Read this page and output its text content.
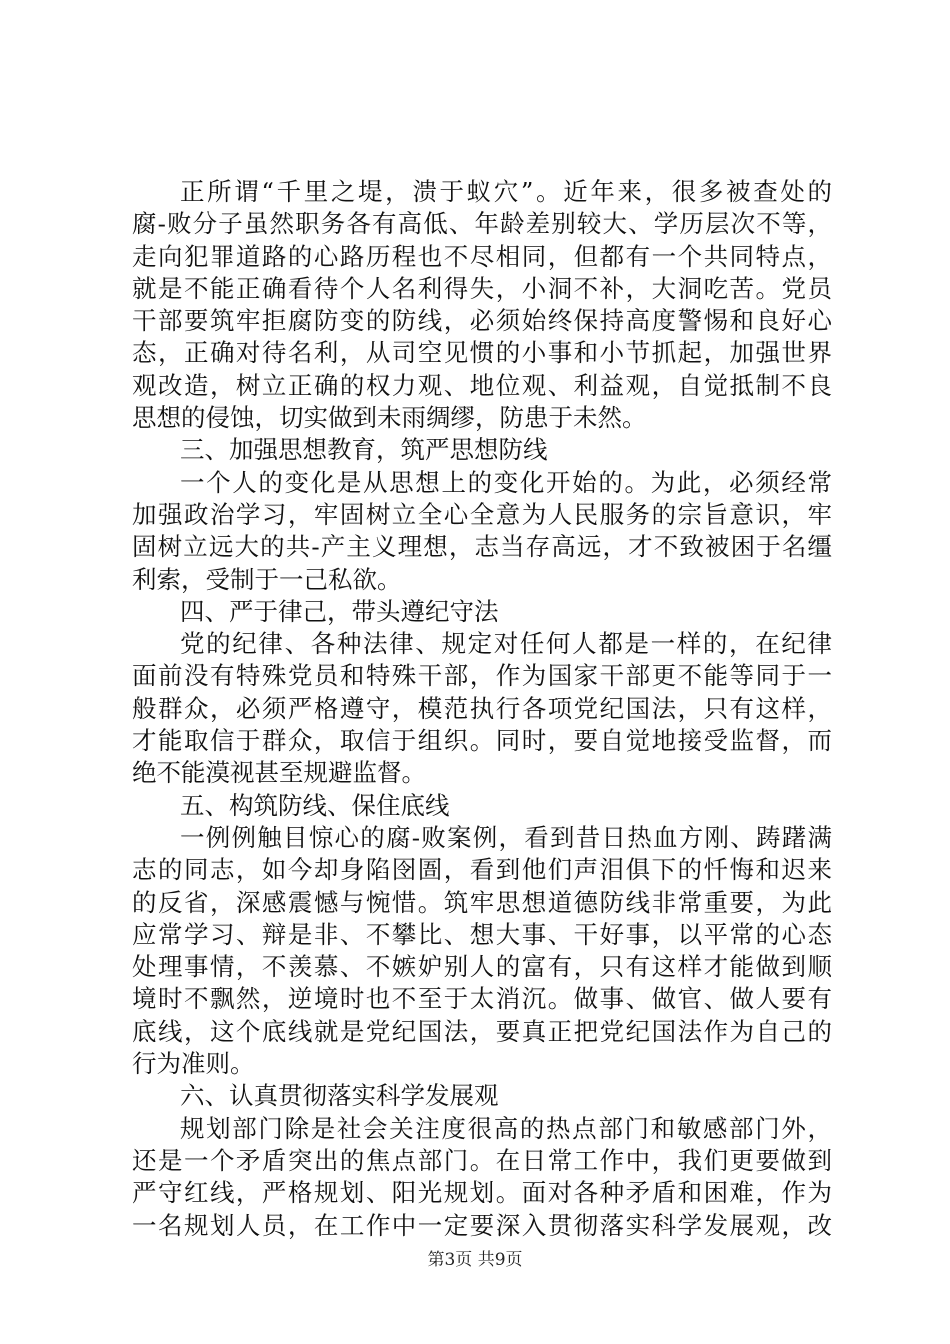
正所谓“千里之堤，溃于蚁穴”。近年来，很多被查处的
腐-败分子虽然职务各有高低、年龄差别较大、学历层次不等，
走向犯罪道路的心路历程也不尽相同，但都有一个共同特点，
就是不能正确看待个人名利得失，小洞不补，大洞吃苦。党员
干部要筑牢拒腐防变的防线，必须始终保持高度警惕和良好心
态，正确对待名利，从司空见惯的小事和小节抓起，加强世界
观改造，树立正确的权力观、地位观、利益观，自觉抵制不良
思想的侵蚀，切实做到未雨绸缪，防患于未然。
三、加强思想教育，筑严思想防线
一个人的变化是从思想上的变化开始的。为此，必须经常
加强政治学习，牢固树立全心全意为人民服务的宗旨意识，牢
固树立远大的共-产主义理想，志当存高远，才不致被困于名缰
利索，受制于一己私欲。
四、严于律己，带头遵纪守法
党的纪律、各种法律、规定对任何人都是一样的，在纪律
面前没有特殊党员和特殊干部，作为国家干部更不能等同于一
般群众，必须严格遵守，模范执行各项党纪国法，只有这样，
才能取信于群众，取信于组织。同时，要自觉地接受监督，而
绝不能漠视甚至规避监督。
五、构筑防线、保住底线
一例例触目惊心的腐-败案例，看到昔日热血方刚、踌躇满
志的同志，如今却身陷囹圄，看到他们声泪俱下的忏悔和迟来
的反省，深感震憾与惋惜。筑牢思想道德防线非常重要，为此
应常学习、辩是非、不攀比、想大事、干好事，以平常的心态
处理事情，不羡慕、不嫉妒别人的富有，只有这样才能做到顺
境时不飘然，逆境时也不至于太消沉。做事、做官、做人要有
底线，这个底线就是党纪国法，要真正把党纪国法作为自己的
行为准则。
六、认真贯彻落实科学发展观
规划部门除是社会关注度很高的热点部门和敏感部门外，
还是一个矛盾突出的焦点部门。在日常工作中，我们更要做到
严守红线，严格规划、阳光规划。面对各种矛盾和困难，作为
一名规划人员，在工作中一定要深入贯彻落实科学发展观，改
第3页 共9页
